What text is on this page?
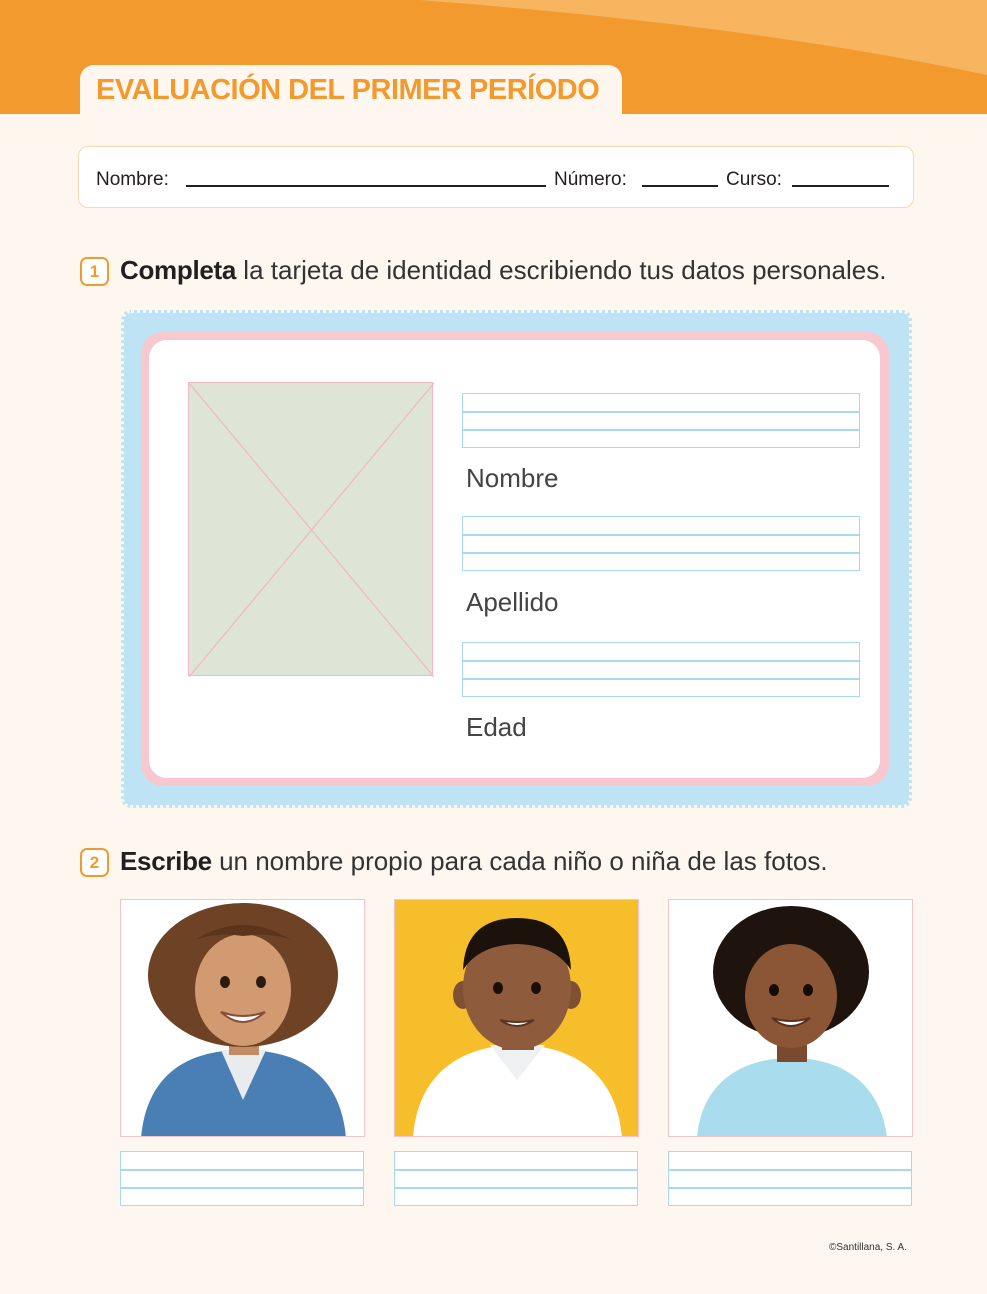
EVALUACIÓN DEL PRIMER PERÍODO
Nombre:	Número:	Curso:
1 Completa la tarjeta de identidad escribiendo tus datos personales.
Nombre
Apellido
Edad
2 Escribe un nombre propio para cada niño o niña de las fotos.
©Santillana, S. A.
